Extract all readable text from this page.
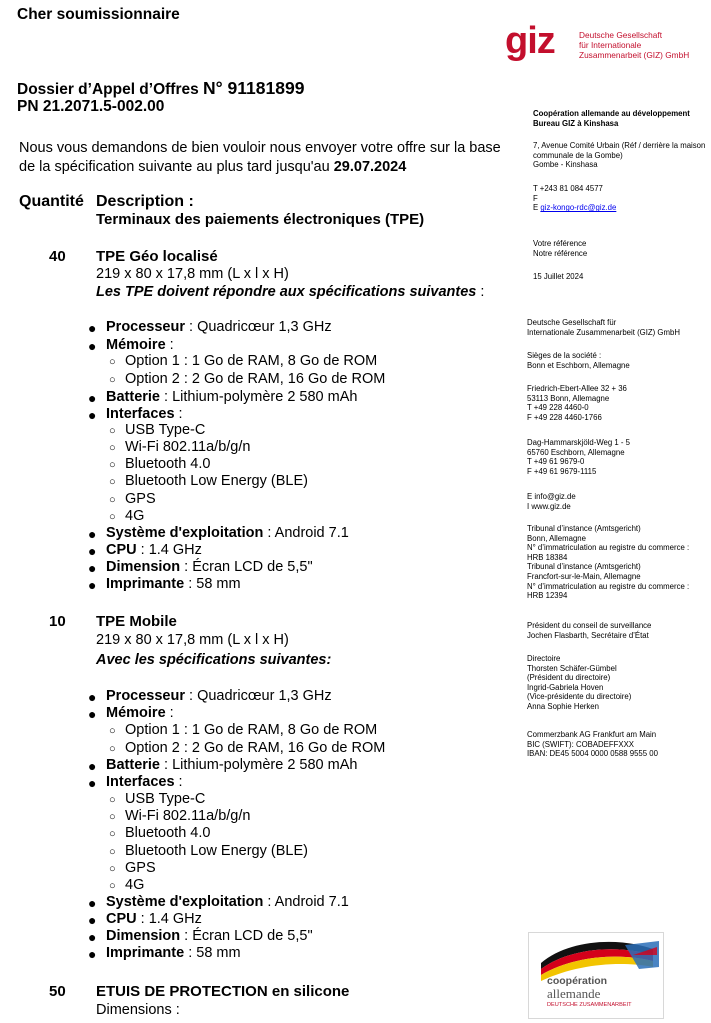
Cher soumissionnaire
giz	Deutsche Gesellschaft
für Internationale
Zusammenarbeit (GIZ) GmbH
Dossier d’Appel d’Offres N° 91181899
PN 21.2071.5-002.00
Nous vous demandons de bien vouloir nous envoyer votre offre sur la base de la spécification suivante au plus tard jusqu'au 29.07.2024
Quantité Description :
Terminaux des paiements électroniques (TPE)
40 TPE Géo localisé
219 x 80 x 17,8 mm (L x l x H)
Les TPE doivent répondre aux spécifications suivantes :
● Processeur : Quadricœur 1,3 GHz
● Mémoire :
○ Option 1 : 1 Go de RAM, 8 Go de ROM
○ Option 2 : 2 Go de RAM, 16 Go de ROM
● Batterie : Lithium-polymère 2 580 mAh
● Interfaces :
○ USB Type-C
○ Wi-Fi 802.11a/b/g/n
○ Bluetooth 4.0
○ Bluetooth Low Energy (BLE)
○ GPS
○ 4G
● Système d'exploitation : Android 7.1
● CPU : 1.4 GHz
● Dimension : Écran LCD de 5,5"
● Imprimante : 58 mm
10 TPE Mobile
219 x 80 x 17,8 mm (L x l x H)
Avec les spécifications suivantes:
● Processeur : Quadricœur 1,3 GHz
● Mémoire :
○ Option 1 : 1 Go de RAM, 8 Go de ROM
○ Option 2 : 2 Go de RAM, 16 Go de ROM
● Batterie : Lithium-polymère 2 580 mAh
● Interfaces :
○ USB Type-C
○ Wi-Fi 802.11a/b/g/n
○ Bluetooth 4.0
○ Bluetooth Low Energy (BLE)
○ GPS
○ 4G
● Système d'exploitation : Android 7.1
● CPU : 1.4 GHz
● Dimension : Écran LCD de 5,5"
● Imprimante : 58 mm
50 ETUIS DE PROTECTION en silicone
Dimensions :
Coopération allemande au développement
Bureau GIZ à Kinshasa
7, Avenue Comité Urbain (Réf / derrière la maison
communale de la Gombe)
Gombe - Kinshasa
T +243 81 084 4577
F
E giz-kongo-rdc@giz.de
Votre référence
Notre référence
15 Juillet 2024
Deutsche Gesellschaft für
Internationale Zusammenarbeit (GIZ) GmbH
Sièges de la société :
Bonn et Eschborn, Allemagne
Friedrich-Ebert-Allee 32 + 36
53113 Bonn, Allemagne
T +49 228 4460-0
F +49 228 4460-1766
Dag-Hammarskjöld-Weg 1 - 5
65760 Eschborn, Allemagne
T +49 61 9679-0
F +49 61 9679-1115
E info@giz.de
I www.giz.de
Tribunal d’instance (Amtsgericht)
Bonn, Allemagne
N° d’immatriculation au registre du commerce :
HRB 18384
Tribunal d’instance (Amtsgericht)
Francfort-sur-le-Main, Allemagne
N° d’immatriculation au registre du commerce :
HRB 12394
Président du conseil de surveillance
Jochen Flasbarth, Secrétaire d’État
Directoire
Thorsten Schäfer-Gümbel
(Président du directoire)
Ingrid-Gabriela Hoven
(Vice-présidente du directoire)
Anna Sophie Herken
Commerzbank AG Frankfurt am Main
BIC (SWIFT): COBADEFFXXX
IBAN: DE45 5004 0000 0588 9555 00
coopération
allemande
DEUTSCHE ZUSAMMENARBEIT
